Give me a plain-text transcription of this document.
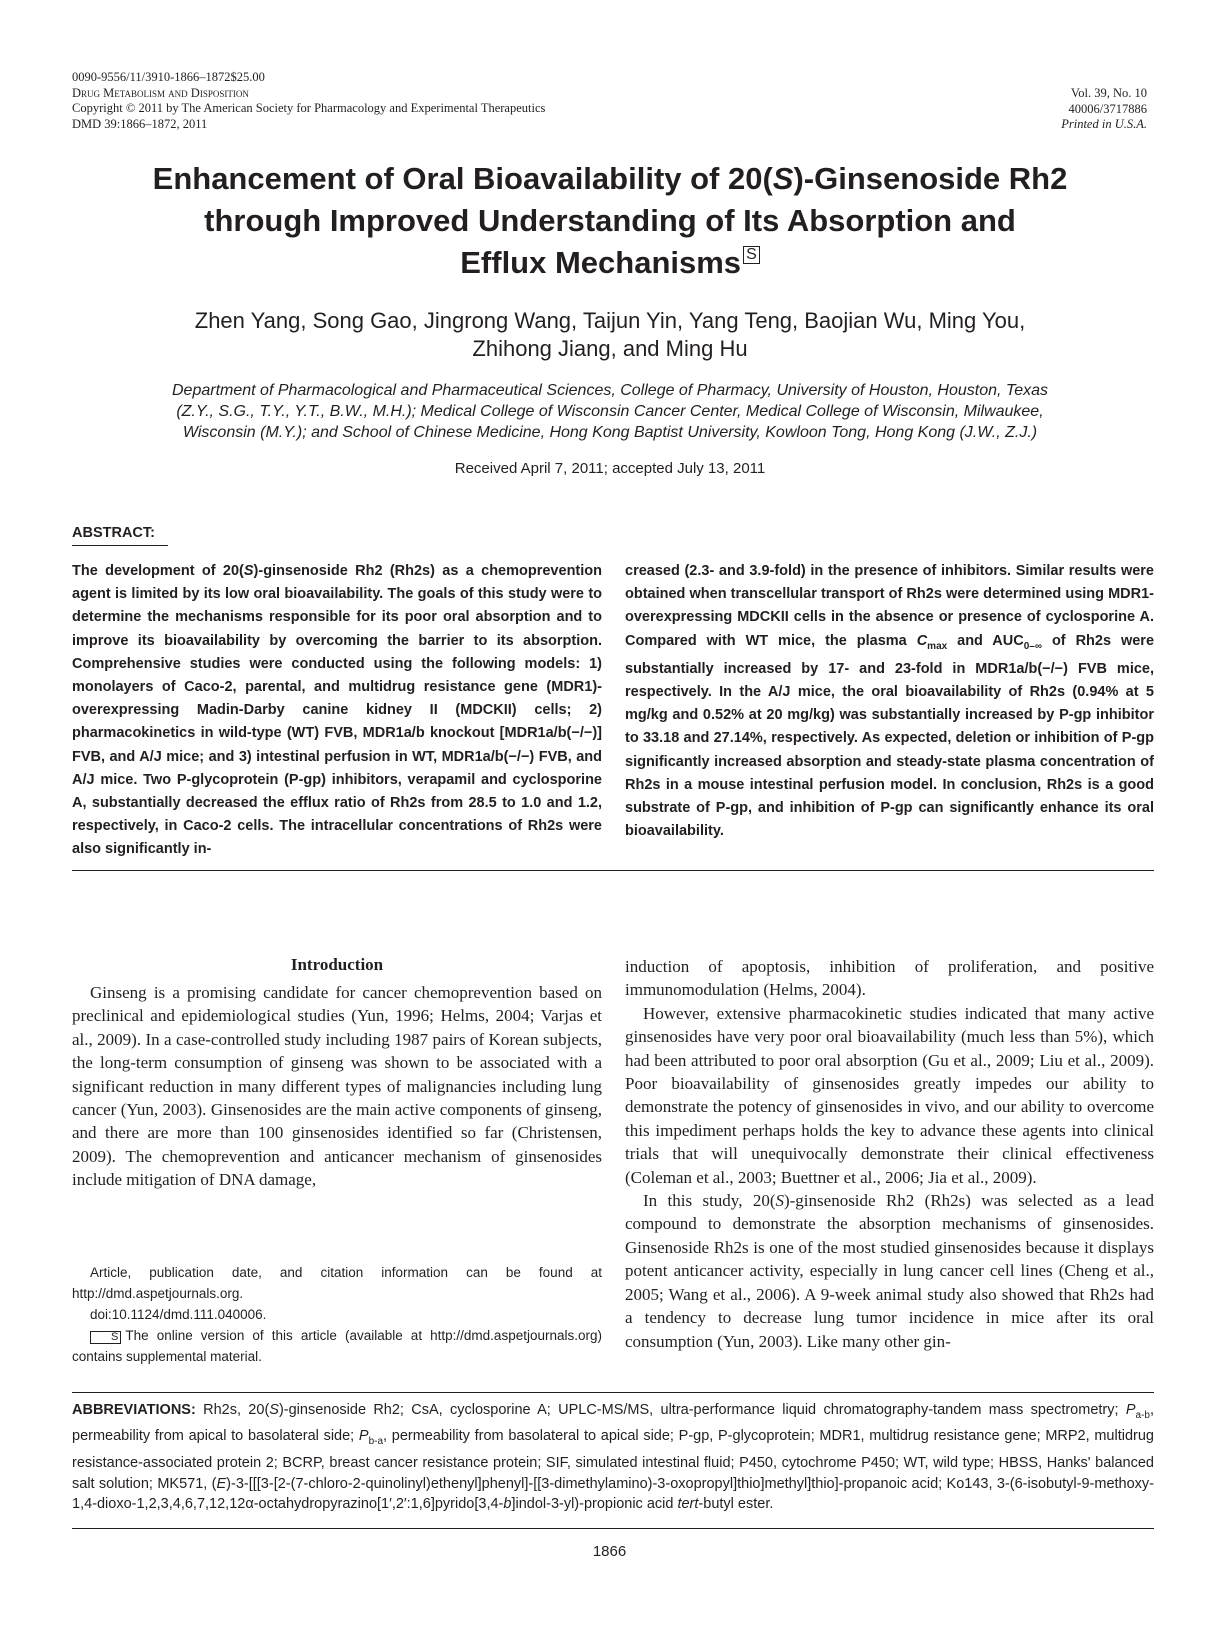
0090-9556/11/3910-1866–1872$25.00
Drug Metabolism and Disposition
Copyright © 2011 by The American Society for Pharmacology and Experimental Therapeutics
DMD 39:1866–1872, 2011
Vol. 39, No. 10
40006/3717886
Printed in U.S.A.
Enhancement of Oral Bioavailability of 20(S)-Ginsenoside Rh2
through Improved Understanding of Its Absorption and
Efflux Mechanisms S
Zhen Yang, Song Gao, Jingrong Wang, Taijun Yin, Yang Teng, Baojian Wu, Ming You,
Zhihong Jiang, and Ming Hu
Department of Pharmacological and Pharmaceutical Sciences, College of Pharmacy, University of Houston, Houston, Texas
(Z.Y., S.G., T.Y., Y.T., B.W., M.H.); Medical College of Wisconsin Cancer Center, Medical College of Wisconsin, Milwaukee,
Wisconsin (M.Y.); and School of Chinese Medicine, Hong Kong Baptist University, Kowloon Tong, Hong Kong (J.W., Z.J.)
Received April 7, 2011; accepted July 13, 2011
ABSTRACT:
The development of 20(S)-ginsenoside Rh2 (Rh2s) as a chemoprevention agent is limited by its low oral bioavailability. The goals of this study were to determine the mechanisms responsible for its poor oral absorption and to improve its bioavailability by overcoming the barrier to its absorption. Comprehensive studies were conducted using the following models: 1) monolayers of Caco-2, parental, and multidrug resistance gene (MDR1)-overexpressing Madin-Darby canine kidney II (MDCKII) cells; 2) pharmacokinetics in wild-type (WT) FVB, MDR1a/b knockout [MDR1a/b(−/−)] FVB, and A/J mice; and 3) intestinal perfusion in WT, MDR1a/b(−/−) FVB, and A/J mice. Two P-glycoprotein (P-gp) inhibitors, verapamil and cyclosporine A, substantially decreased the efflux ratio of Rh2s from 28.5 to 1.0 and 1.2, respectively, in Caco-2 cells. The intracellular concentrations of Rh2s were also significantly in-
creased (2.3- and 3.9-fold) in the presence of inhibitors. Similar results were obtained when transcellular transport of Rh2s were determined using MDR1-overexpressing MDCKII cells in the absence or presence of cyclosporine A. Compared with WT mice, the plasma $C_{max}$ and $AUC_{0-\infty}$ of Rh2s were substantially increased by 17- and 23-fold in MDR1a/b(−/−) FVB mice, respectively. In the A/J mice, the oral bioavailability of Rh2s (0.94% at 5 mg/kg and 0.52% at 20 mg/kg) was substantially increased by P-gp inhibitor to 33.18 and 27.14%, respectively. As expected, deletion or inhibition of P-gp significantly increased absorption and steady-state plasma concentration of Rh2s in a mouse intestinal perfusion model. In conclusion, Rh2s is a good substrate of P-gp, and inhibition of P-gp can significantly enhance its oral bioavailability.
Introduction

Ginseng is a promising candidate for cancer chemoprevention based on preclinical and epidemiological studies (Yun, 1996; Helms, 2004; Varjas et al., 2009). In a case-controlled study including 1987 pairs of Korean subjects, the long-term consumption of ginseng was shown to be associated with a significant reduction in many different types of malignancies including lung cancer (Yun, 2003). Ginsenosides are the main active components of ginseng, and there are more than 100 ginsenosides identified so far (Christensen, 2009). The chemoprevention and anticancer mechanism of ginsenosides include mitigation of DNA damage,

induction of apoptosis, inhibition of proliferation, and positive immunomodulation (Helms, 2004).

However, extensive pharmacokinetic studies indicated that many active ginsenosides have very poor oral bioavailability (much less than 5%), which had been attributed to poor oral absorption (Gu et al., 2009; Liu et al., 2009). Poor bioavailability of ginsenosides greatly impedes our ability to demonstrate the potency of ginsenosides in vivo, and our ability to overcome this impediment perhaps holds the key to advance these agents into clinical trials that will unequivocally demonstrate their clinical effectiveness (Coleman et al., 2003; Buettner et al., 2006; Jia et al., 2009).

In this study, 20(S)-ginsenoside Rh2 (Rh2s) was selected as a lead compound to demonstrate the absorption mechanisms of ginsenosides. Ginsenoside Rh2s is one of the most studied ginsenosides because it displays potent anticancer activity, especially in lung cancer cell lines (Cheng et al., 2005; Wang et al., 2006). A 9-week animal study also showed that Rh2s had a tendency to decrease lung tumor incidence in mice after its oral consumption (Yun, 2003). Like many other gin-

Article, publication date, and citation information can be found at http://dmd.aspetjournals.org.

doi:10.1124/dmd.111.040006.

S The online version of this article (available at http://dmd.aspetjournals.org) contains supplemental material.

ABBREVIATIONS: Rh2s, 20(S)-ginsenoside Rh2; CsA, cyclosporine A; UPLC-MS/MS, ultra-performance liquid chromatography-tandem mass spectrometry; $P_{a-b}$, permeability from apical to basolateral side; $P_{b-a}$, permeability from basolateral to apical side; P-gp, P-glycoprotein; MDR1, multidrug resistance gene; MRP2, multidrug resistance-associated protein 2; BCRP, breast cancer resistance protein; SIF, simulated intestinal fluid; P450, cytochrome P450; WT, wild type; HBSS, Hanks' balanced salt solution; MK571, (E)-3-[[[3-[2-(7-chloro-2-quinolinyl)ethenyl]phenyl]-[[3-dimethylamino)-3-oxopropyl]thio]methyl]thio]-propanoic acid; Ko143, 3-(6-isobutyl-9-methoxy-1,4-dioxo-1,2,3,4,6,7,12,12α-octahydropyrazino[1′,2′:1,6]pyrido[3,4-b]indol-3-yl)-propionic acid tert-butyl ester.
1866
